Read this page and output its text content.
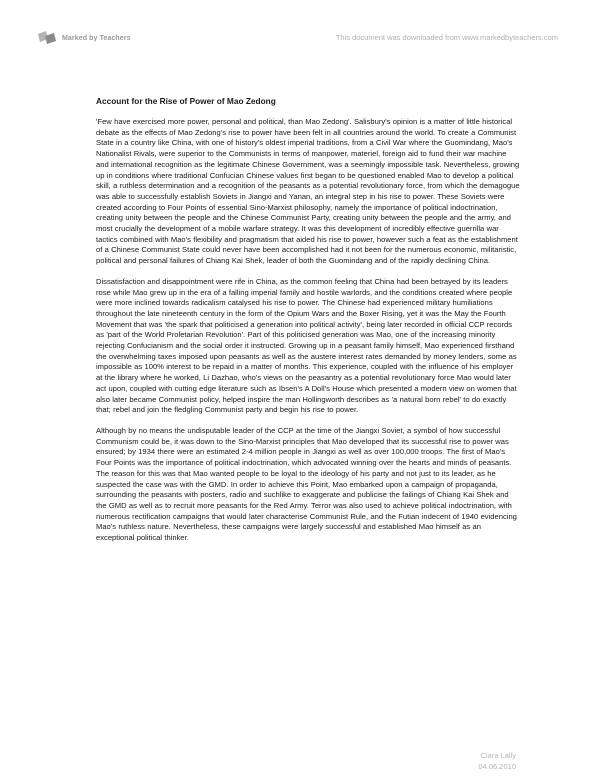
Marked by Teachers	This document was downloaded from www.markedbyteachers.com
Account for the Rise of Power of Mao Zedong

'Few have exercised more power, personal and political, than Mao Zedong'. Salisbury's opinion is a matter of little historical debate as the effects of Mao Zedong's rise to power have been felt in all countries around the world. To create a Communist State in a country like China, with one of history's oldest imperial traditions, from a Civil War where the Guomindang, Mao's Nationalist Rivals, were superior to the Communists in terms of manpower, materiel, foreign aid to fund their war machine and international recognition as the legitimate Chinese Government, was a seemingly impossible task. Nevertheless, growing up in conditions where traditional Confucian Chinese values first began to be questioned enabled Mao to develop a political skill, a ruthless determination and a recognition of the peasants as a potential revolutionary force, from which the demagogue was able to successfully establish Soviets in Jiangxi and Yanan, an integral step in his rise to power. These Soviets were created according to Four Points of essential Sino-Marxist philosophy, namely the importance of political indoctrination, creating unity between the people and the Chinese Communist Party, creating unity between the people and the army, and most crucially the development of a mobile warfare strategy. It was this development of incredibly effective guerrilla war tactics combined with Mao's flexibility and pragmatism that aided his rise to power, however such a feat as the establishment of a Chinese Communist State could never have been accomplished had it not been for the numerous economic, militaristic, political and personal failures of Chiang Kai Shek, leader of both the Guomindang and of the rapidly declining China.

Dissatisfaction and disappointment were rife in China, as the common feeling that China had been betrayed by its leaders rose while Mao grew up in the era of a falling imperial family and hostile warlords, and the conditions created where people were more inclined towards radicalism catalysed his rise to power. The Chinese had experienced military humiliations throughout the late nineteenth century in the form of the Opium Wars and the Boxer Rising, yet it was the May the Fourth Movement that was 'the spark that politicised a generation into political activity', being later recorded in official CCP records as 'part of the World Proletarian Revolution'. Part of this politicised generation was Mao, one of the increasing minority rejecting Confucianism and the social order it instructed. Growing up in a peasant family himself, Mao experienced firsthand the overwhelming taxes imposed upon peasants as well as the austere interest rates demanded by money lenders, some as impossible as 100% interest to be repaid in a matter of months. This experience, coupled with the influence of his employer at the library where he worked, Li Dazhao, who's views on the peasantry as a potential revolutionary force Mao would later act upon, coupled with cutting edge literature such as Ibsen's A Doll's House which presented a modern view on women that also later became Communist policy, helped inspire the man Hollingworth describes as 'a natural born rebel' to do exactly that; rebel and join the fledgling Communist party and begin his rise to power.

Although by no means the undisputable leader of the CCP at the time of the Jiangxi Soviet, a symbol of how successful Communism could be, it was down to the Sino-Marxist principles that Mao developed that its successful rise to power was ensured; by 1934 there were an estimated 2-4 million people in Jiangxi as well as over 100,000 troops. The first of Mao's Four Points was the importance of political indoctrination, which advocated winning over the hearts and minds of peasants. The reason for this was that Mao wanted people to be loyal to the ideology of his party and not just to its leader, as he suspected the case was with the GMD. In order to achieve this Point, Mao embarked upon a campaign of propaganda, surrounding the peasants with posters, radio and suchlike to exaggerate and publicise the failings of Chiang Kai Shek and the GMD as well as to recruit more peasants for the Red Army. Terror was also used to achieve political indoctrination, with numerous rectification campaigns that would later characterise Communist Rule, and the Futian indecent of 1940 evidencing Mao's ruthless nature. Nevertheless, these campaigns were largely successful and established Mao himself as an exceptional political thinker.

Ciara Lally
04.06.2010
